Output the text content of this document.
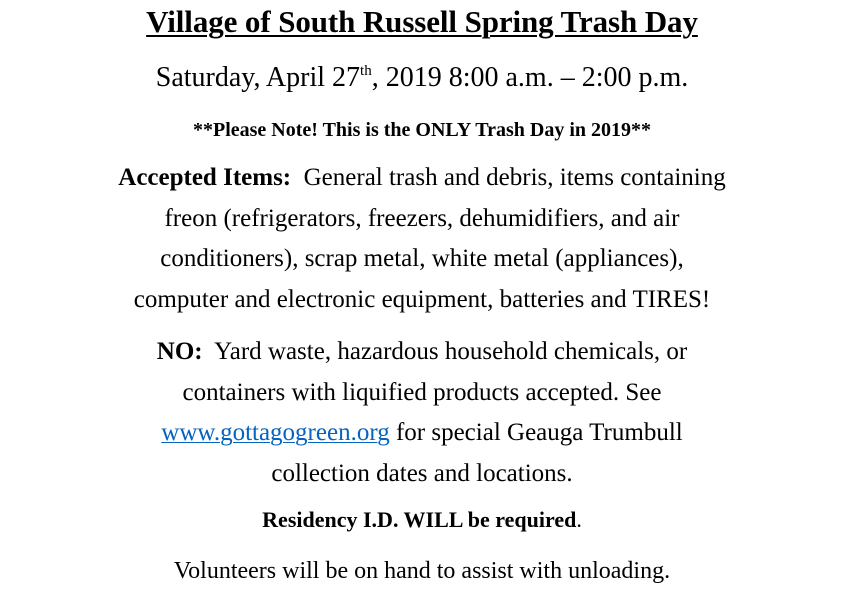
Village of South Russell Spring Trash Day
Saturday, April 27th, 2019 8:00 a.m. – 2:00 p.m.
**Please Note! This is the ONLY Trash Day in 2019**
Accepted Items: General trash and debris, items containing
freon (refrigerators, freezers, dehumidifiers, and air
conditioners), scrap metal, white metal (appliances),
computer and electronic equipment, batteries and TIRES!
NO: Yard waste, hazardous household chemicals, or
containers with liquified products accepted. See
www.gottagogreen.org for special Geauga Trumbull
collection dates and locations.
Residency I.D. WILL be required.
Volunteers will be on hand to assist with unloading.
